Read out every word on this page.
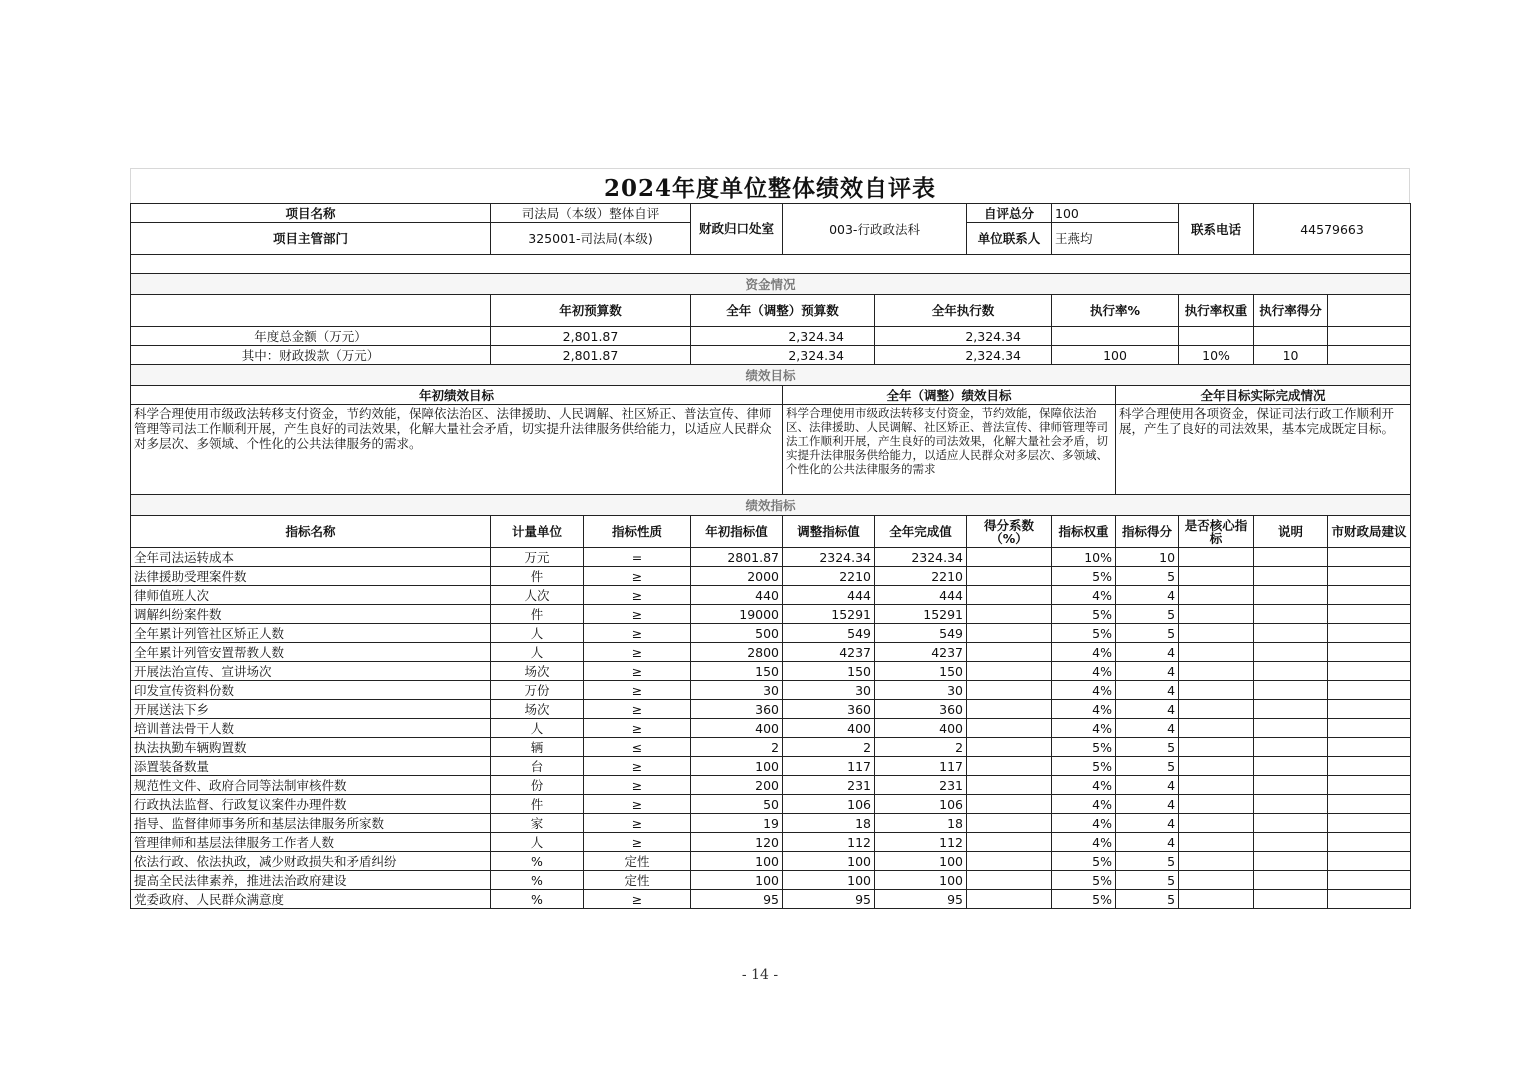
2024年度单位整体绩效自评表
项目名称	司法局（本级）整体自评		财政归口处室	003-行政政法科		自评总分	100		联系电话	44579663	
项目主管部门	325001-司法局(本级)					单位联系人	王燕均				

资金情况											
	年初预算数		全年（调整）预算数		全年执行数		执行率%		执行率权重	执行率得分	
年度总金额（万元）	2,801.87		2,324.34		2,324.34						
其中：财政拨款（万元）	2,801.87		2,324.34		2,324.34		100		10%	10	
绩效目标											
年初绩效目标				全年（调整）绩效目标				全年目标实际完成情况			
科学合理使用市级政法转移支付资金，节约效能，保障依法治区、法律援助、人民调解、社区矫正、普法宣传、律师管理等司法工作顺利开展，产生良好的司法效果，化解大量社会矛盾，切实提升法律服务供给能力，以适应人民群众对多层次、多领域、个性化的公共法律服务的需求。				科学合理使用市级政法转移支付资金，节约效能，保障依法治区、法律援助、人民调解、社区矫正、普法宣传、律师管理等司法工作顺利开展，产生良好的司法效果，化解大量社会矛盾，切实提升法律服务供给能力，以适应人民群众对多层次、多领域、个性化的公共法律服务的需求				科学合理使用各项资金，保证司法行政工作顺利开展，产生了良好的司法效果，基本完成既定目标。			
绩效指标											
指标名称	计量单位	指标性质	年初指标值	调整指标值	全年完成值	得分系数（%）	指标权重	指标得分	是否核心指标	说明	市财政局建议
全年司法运转成本	万元	=	2801.87	2324.34	2324.34		10%	10			
法律援助受理案件数	件	≥	2000	2210	2210		5%	5			
律师值班人次	人次	≥	440	444	444		4%	4			
调解纠纷案件数	件	≥	19000	15291	15291		5%	5			
全年累计列管社区矫正人数	人	≥	500	549	549		5%	5			
全年累计列管安置帮教人数	人	≥	2800	4237	4237		4%	4			
开展法治宣传、宣讲场次	场次	≥	150	150	150		4%	4			
印发宣传资料份数	万份	≥	30	30	30		4%	4			
开展送法下乡	场次	≥	360	360	360		4%	4			
培训普法骨干人数	人	≥	400	400	400		4%	4			
执法执勤车辆购置数	辆	≤	2	2	2		5%	5			
添置装备数量	台	≥	100	117	117		5%	5			
规范性文件、政府合同等法制审核件数	份	≥	200	231	231		4%	4			
行政执法监督、行政复议案件办理件数	件	≥	50	106	106		4%	4			
指导、监督律师事务所和基层法律服务所家数	家	≥	19	18	18		4%	4			
管理律师和基层法律服务工作者人数	人	≥	120	112	112		4%	4			
依法行政、依法执政，减少财政损失和矛盾纠纷	%	定性	100	100	100		5%	5			
提高全民法律素养，推进法治政府建设	%	定性	100	100	100		5%	5			
党委政府、人民群众满意度	%	≥	95	95	95		5%	5			
- 14 -
